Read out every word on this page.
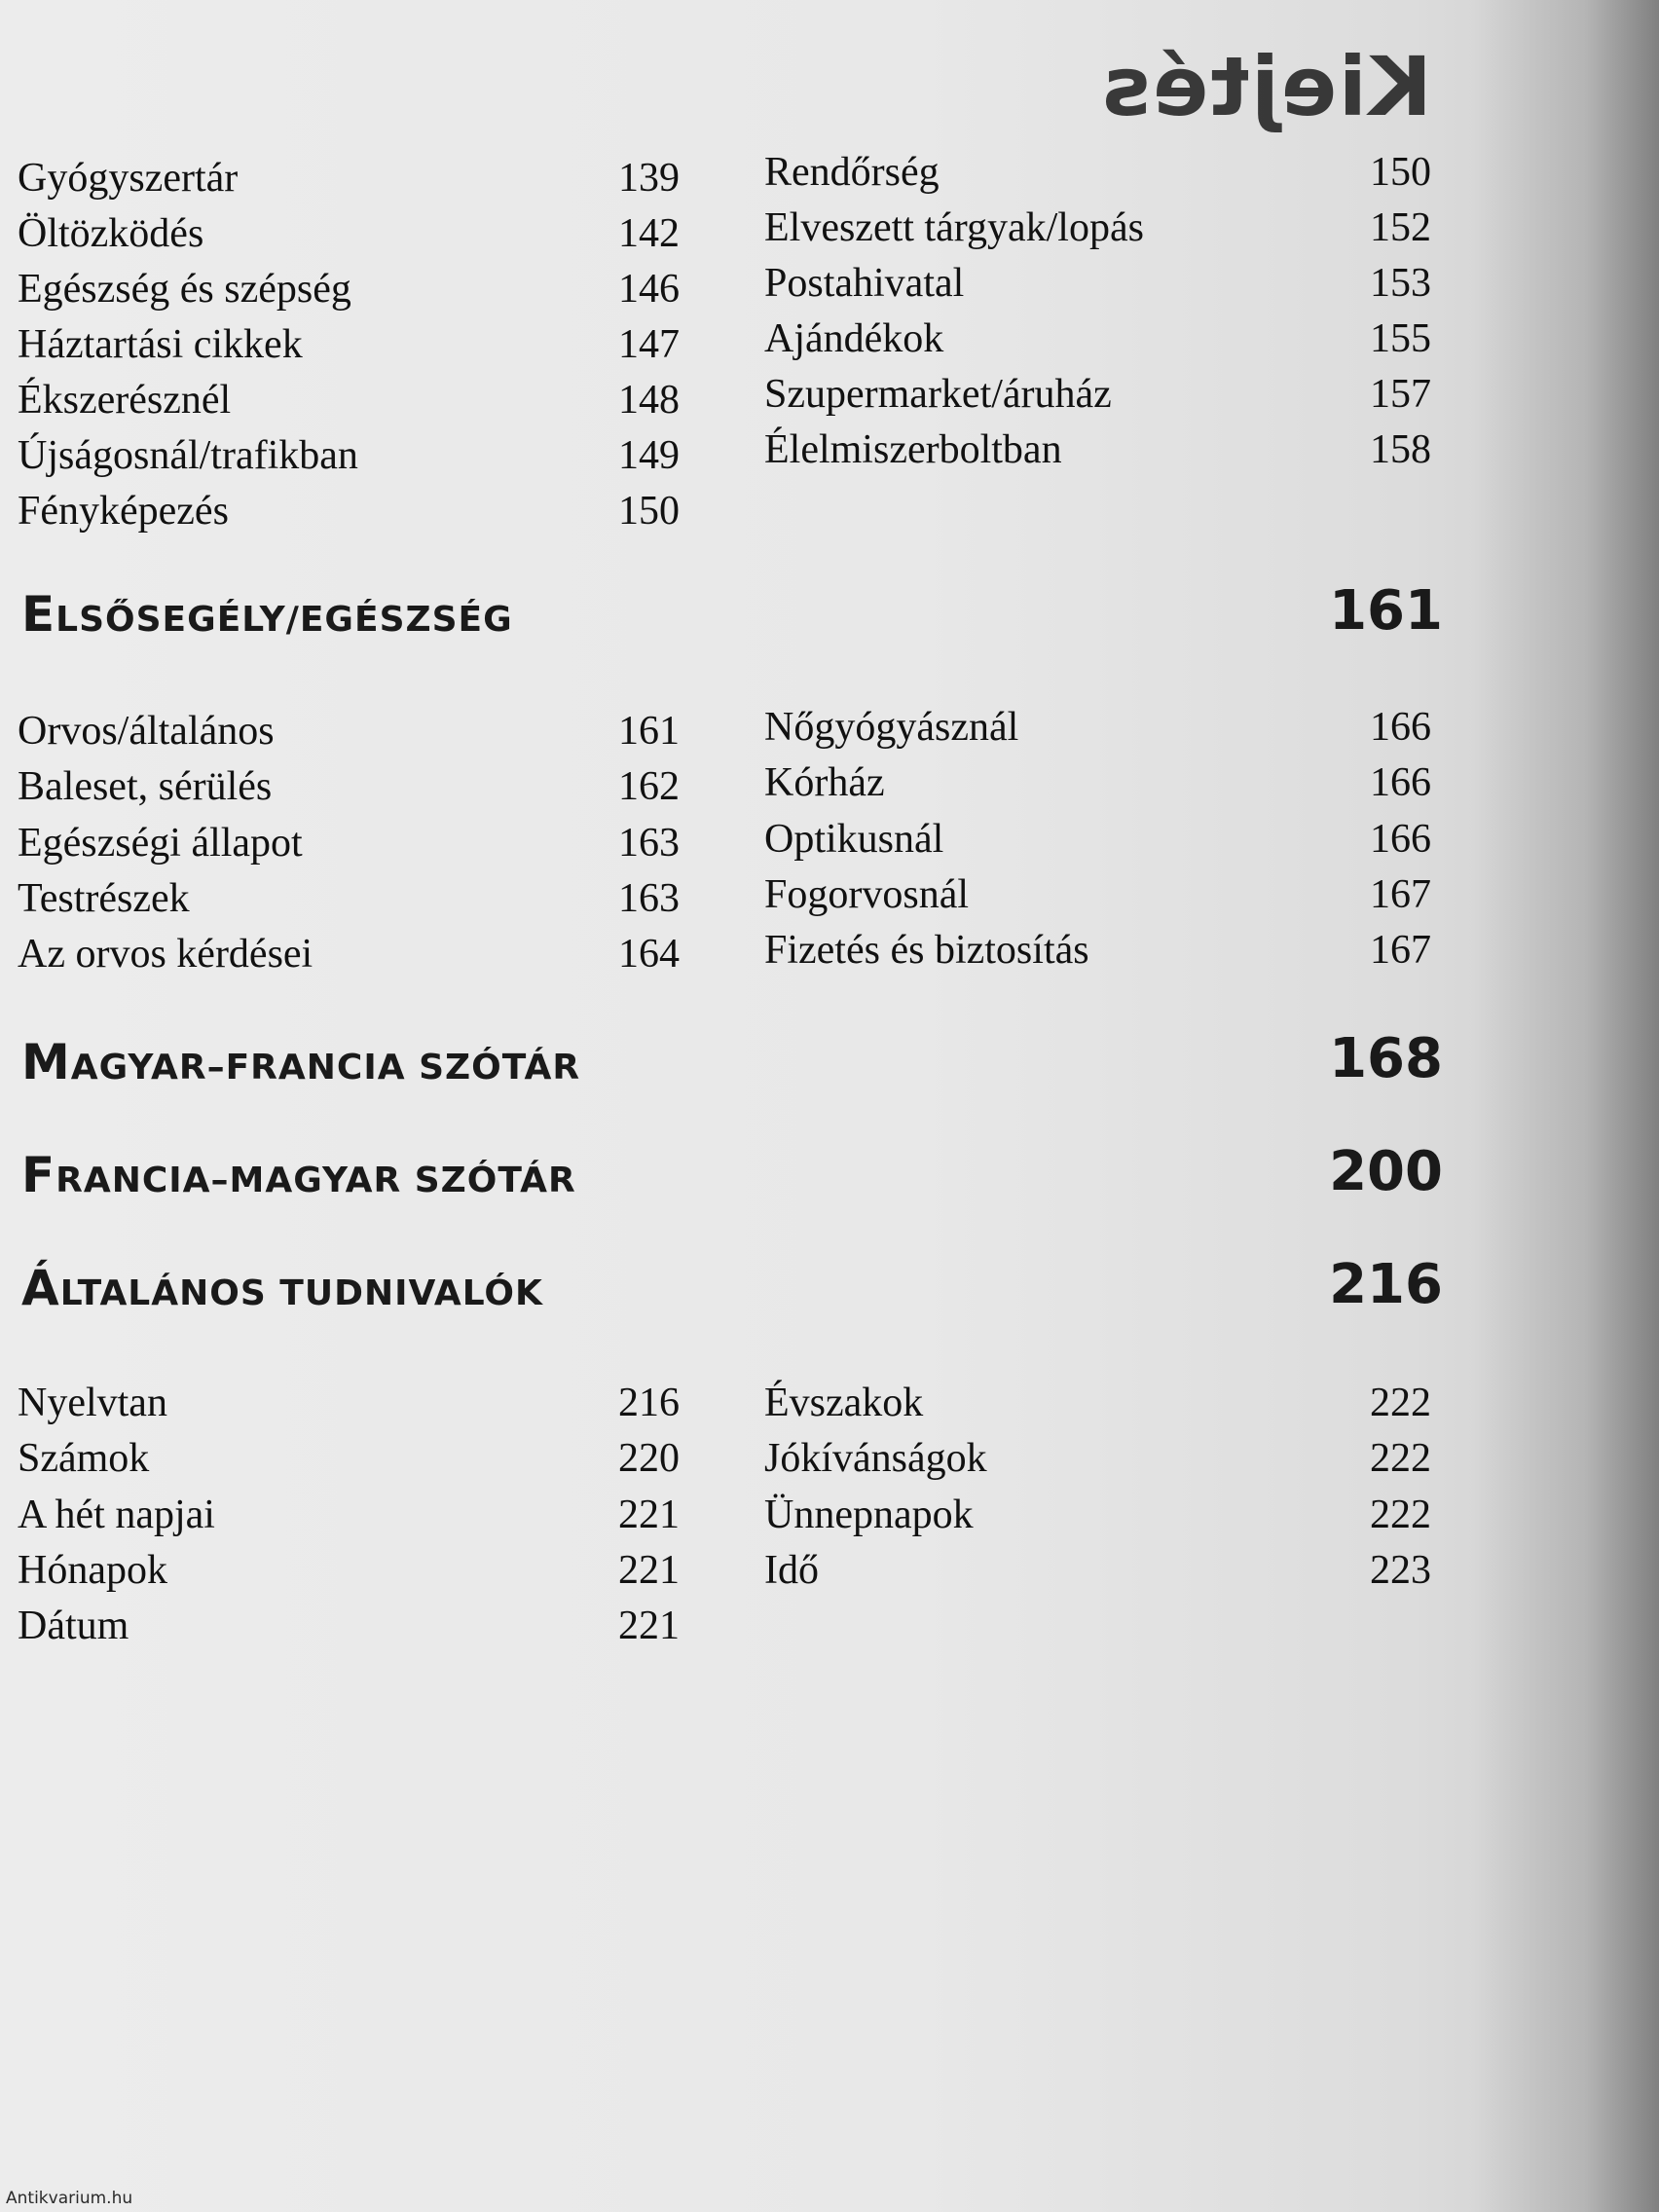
Kiejtés
Gyógyszertár	139
Öltözködés	142
Egészség és szépség	146
Háztartási cikkek	147
Ékszerésznél	148
Újságosnál/trafikban	149
Fényképezés	150
Rendőrség	150
Elveszett tárgyak/lopás	152
Postahivatal	153
Ajándékok	155
Szupermarket/áruház	157
Élelmiszerboltban	158
ELSŐSEGÉLY/EGÉSZSÉG	161
Orvos/általános	161
Baleset, sérülés	162
Egészségi állapot	163
Testrészek	163
Az orvos kérdései	164
Nőgyógyásznál	166
Kórház	166
Optikusnál	166
Fogorvosnál	167
Fizetés és biztosítás	167
MAGYAR–FRANCIA SZÓTÁR	168
FRANCIA–MAGYAR SZÓTÁR	200
ÁLTALÁNOS TUDNIVALÓK	216
Nyelvtan	216
Számok	220
A hét napjai	221
Hónapok	221
Dátum	221
Évszakok	222
Jókívánságok	222
Ünnepnapok	222
Idő	223
Antikvarium.hu
